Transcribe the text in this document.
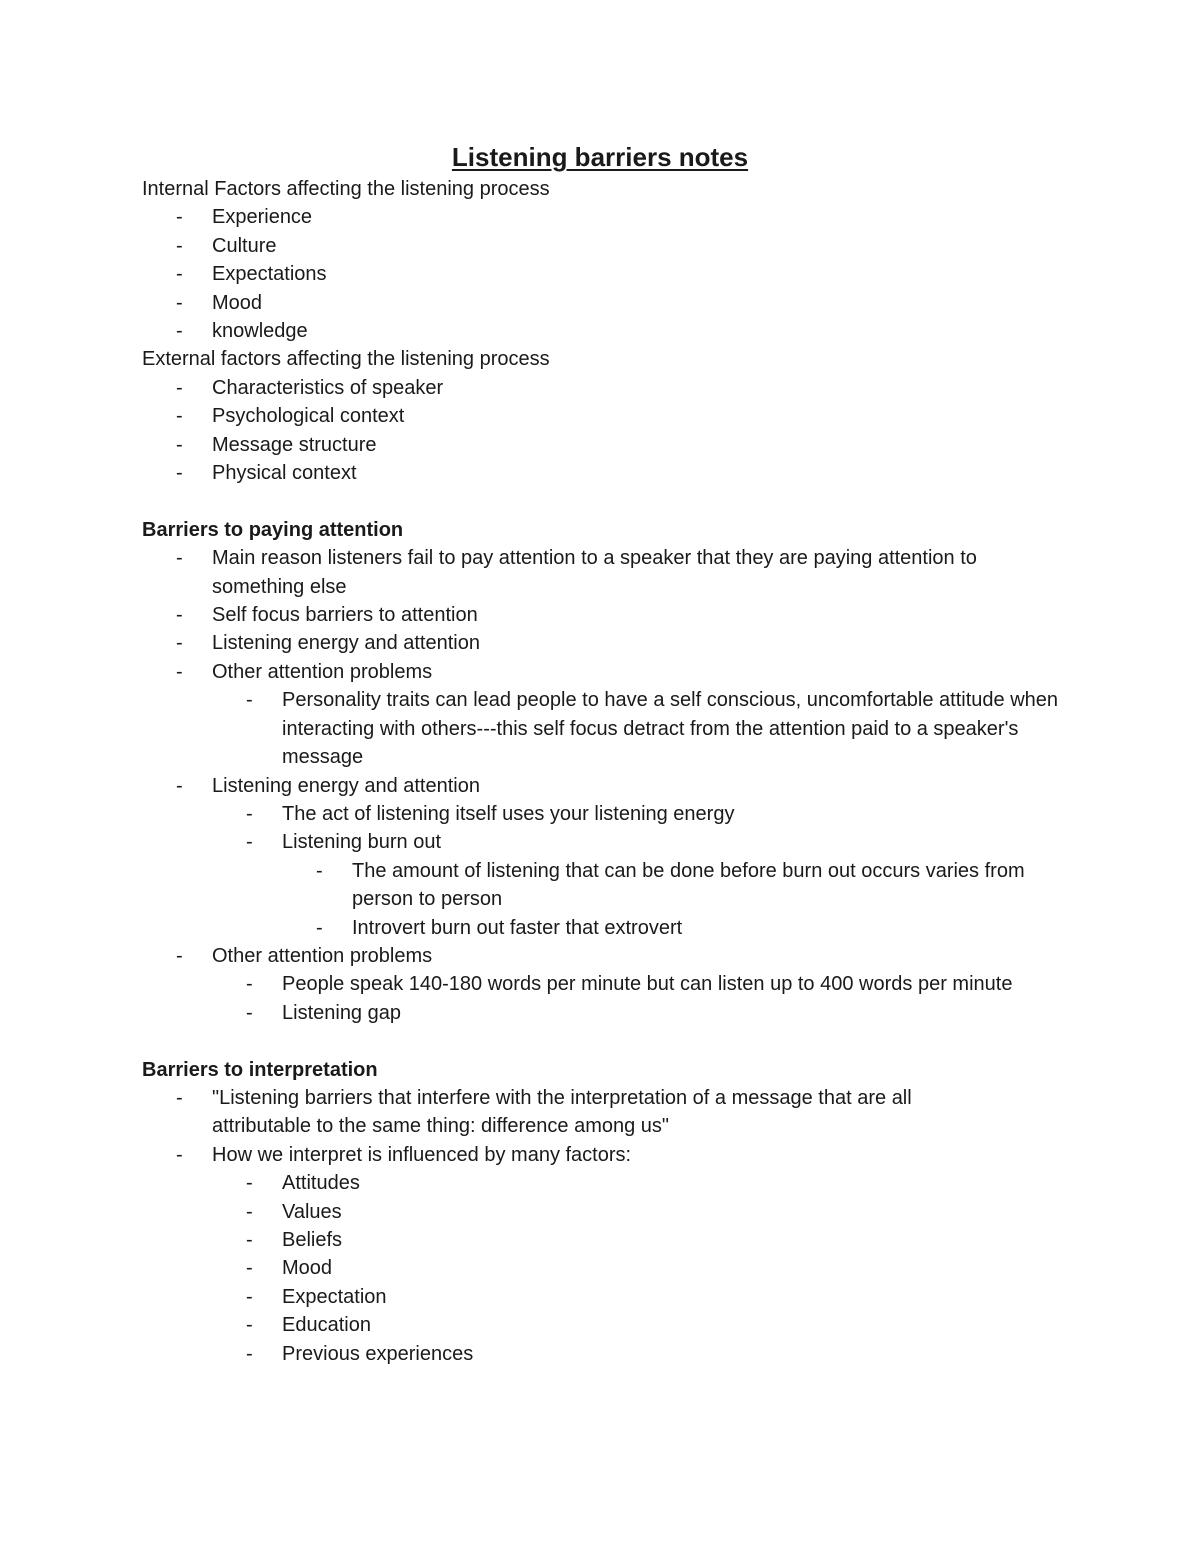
Listening barriers notes

Internal Factors affecting the listening process

- Experience
- Culture
- Expectations
- Mood
- knowledge

External factors affecting the listening process

- Characteristics of speaker
- Psychological context
- Message structure
- Physical context

Barriers to paying attention

- Main reason listeners fail to pay attention to a speaker that they are paying attention to something else
- Self focus barriers to attention
- Listening energy and attention
- Other attention problems
- Personality traits can lead people to have a self conscious, uncomfortable attitude when interacting with others---this self focus detract from the attention paid to a speaker's message
- Listening energy and attention
- The act of listening itself uses your listening energy
- Listening burn out
- The amount of listening that can be done before burn out occurs varies from person to person
- Introvert burn out faster that extrovert
- Other attention problems
- People speak 140-180 words per minute but can listen up to 400 words per minute
- Listening gap

Barriers to interpretation

- "Listening barriers that interfere with the interpretation of a message that are all attributable to the same thing: difference among us"
- How we interpret is influenced by many factors:
- Attitudes
- Values
- Beliefs
- Mood
- Expectation
- Education
- Previous experiences
